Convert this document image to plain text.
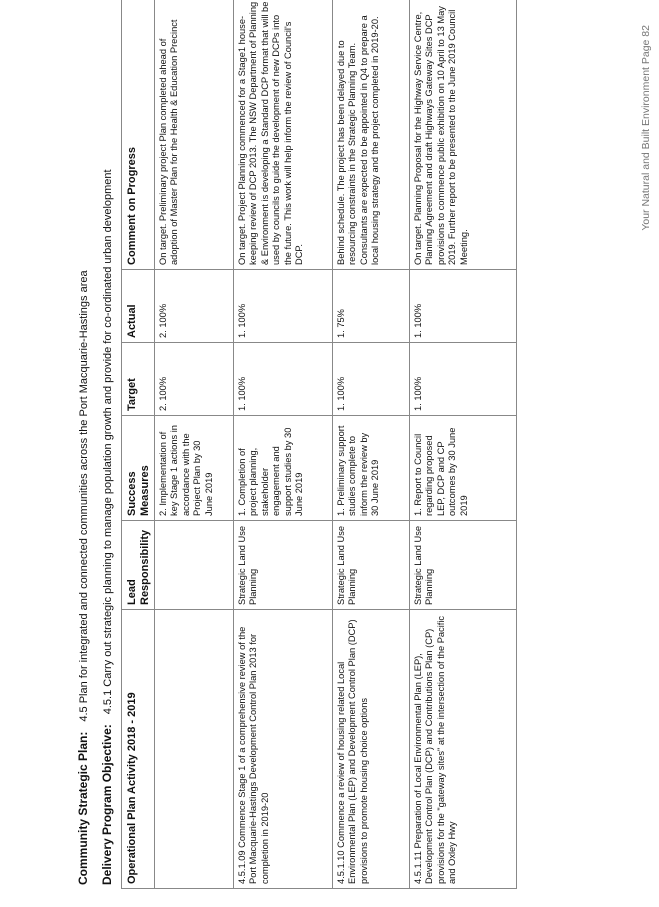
Community Strategic Plan:4.5 Plan for integrated and connected communities across the Port Macquarie-Hastings area
Delivery Program Objective:4.5.1 Carry out strategic planning to manage population growth and provide for co-ordinated urban development
Operational Plan Activity 2018 - 2019	Lead Responsibility	Success Measures	Target	Actual	Comment on Progress
		2. Implementation of key Stage 1 actions in accordance with the Project Plan by 30 June 2019	2. 100%	2. 100%	On target. Preliminary project Plan completed ahead of adoption of Master Plan for the Health & Education Precinct
4.5.1.09 Commence Stage 1 of a comprehensive review of the Port Macquarie-Hastings Development Control Plan 2013 for completion in 2019-20	Strategic Land Use Planning	1. Completion of project planning, stakeholder engagement and support studies by 30 June 2019	1. 100%	1. 100%	On target. Project Planning commenced for a Stage1 house-keeping review of DCP 2013. The NSW Department of Planning & Environment is developing a Standard DCP format that will be used by councils to guide the development of new DCPs into the future. This work will help inform the review of Council's DCP.
4.5.1.10 Commence a review of housing related Local Environmental Plan (LEP) and Development Control Plan (DCP) provisions to promote housing choice options	Strategic Land Use Planning	1. Preliminary support studies complete to inform the review by 30 June 2019	1. 100%	1. 75%	Behind schedule. The project has been delayed due to resourcing constraints in the Strategic Planning Team. Consultants are expected to be appointed in Q4 to prepare a local housing strategy and the project completed in 2019-20.
4.5.1.11 Preparation of Local Environmental Plan (LEP), Development Control Plan (DCP) and Contributions Plan (CP) provisions for the "gateway sites" at the intersection of the Pacific and Oxley Hwy	Strategic Land Use Planning	1. Report to Council regarding proposed LEP, DCP and CP outcomes by 30 June 2019	1. 100%	1. 100%	On target. Planning Proposal for the Highway Service Centre, Planning Agreement and draft Highways Gateway Sites DCP provisions to commence public exhibition on 10 April to 13 May 2019. Further report to be presented to the June 2019 Council Meeting.
Your Natural and Built Environment Page 82
